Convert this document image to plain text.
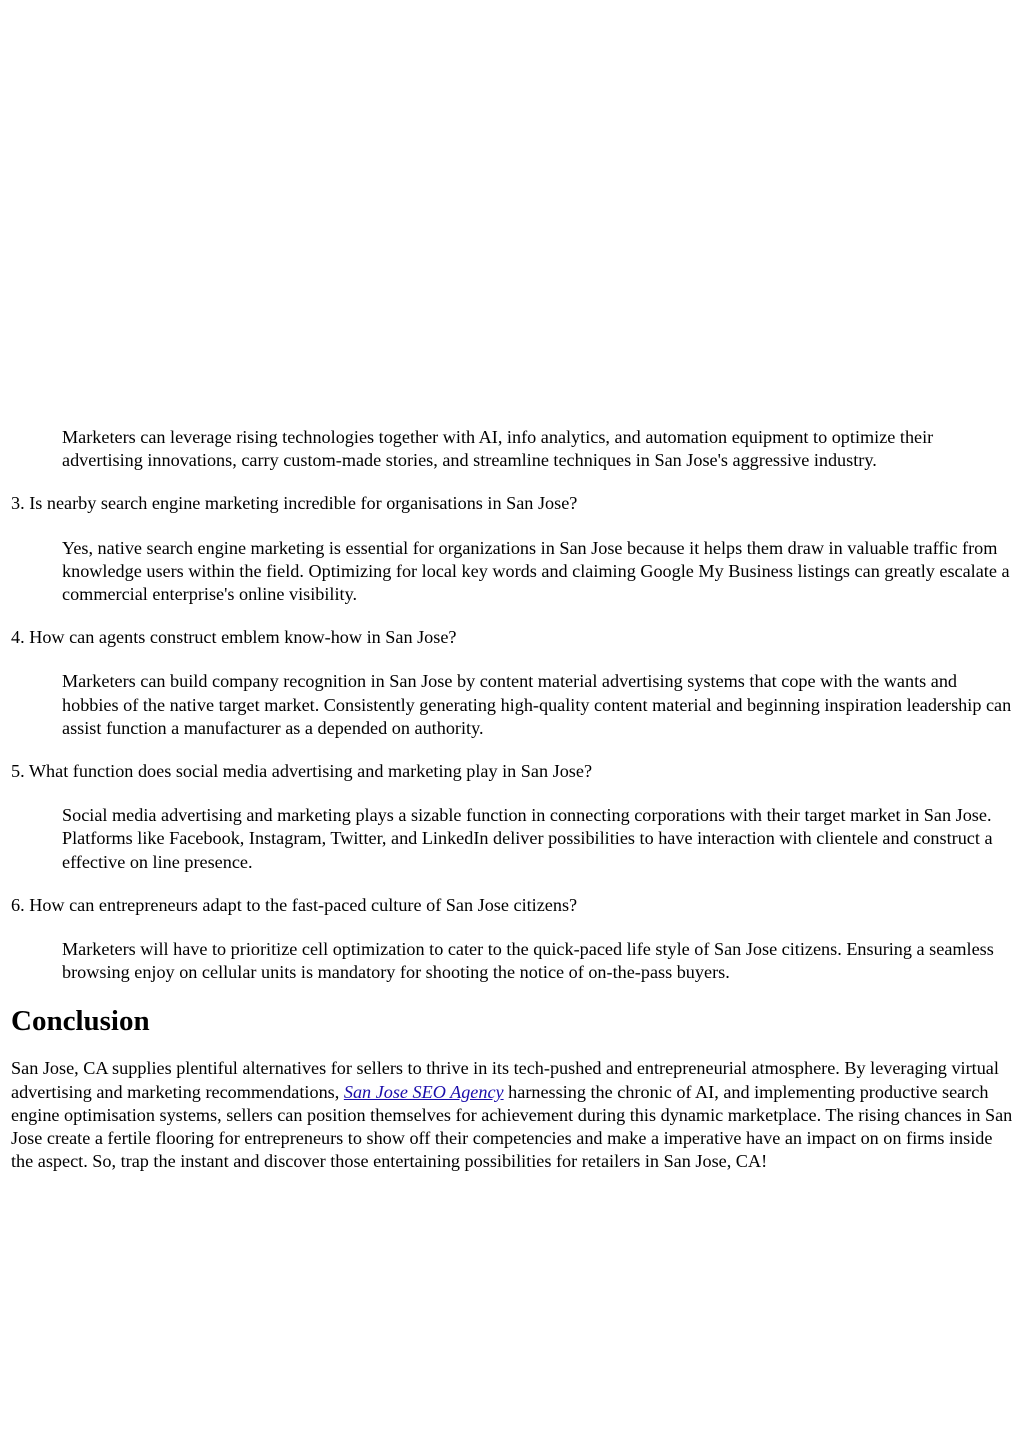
Marketers can leverage rising technologies together with AI, info analytics, and automation equipment to optimize their advertising innovations, carry custom-made stories, and streamline techniques in San Jose's aggressive industry.

3. Is nearby search engine marketing incredible for organisations in San Jose?

Yes, native search engine marketing is essential for organizations in San Jose because it helps them draw in valuable traffic from knowledge users within the field. Optimizing for local key words and claiming Google My Business listings can greatly escalate a commercial enterprise's online visibility.

4. How can agents construct emblem know-how in San Jose?

Marketers can build company recognition in San Jose by content material advertising systems that cope with the wants and hobbies of the native target market. Consistently generating high-quality content material and beginning inspiration leadership can assist function a manufacturer as a depended on authority.

5. What function does social media advertising and marketing play in San Jose?

Social media advertising and marketing plays a sizable function in connecting corporations with their target market in San Jose. Platforms like Facebook, Instagram, Twitter, and LinkedIn deliver possibilities to have interaction with clientele and construct a effective on line presence.

6. How can entrepreneurs adapt to the fast-paced culture of San Jose citizens?

Marketers will have to prioritize cell optimization to cater to the quick-paced life style of San Jose citizens. Ensuring a seamless browsing enjoy on cellular units is mandatory for shooting the notice of on-the-pass buyers.

Conclusion

San Jose, CA supplies plentiful alternatives for sellers to thrive in its tech-pushed and entrepreneurial atmosphere. By leveraging virtual advertising and marketing recommendations, San Jose SEO Agency harnessing the chronic of AI, and implementing productive search engine optimisation systems, sellers can position themselves for achievement during this dynamic marketplace. The rising chances in San Jose create a fertile flooring for entrepreneurs to show off their competencies and make a imperative have an impact on on firms inside the aspect. So, trap the instant and discover those entertaining possibilities for retailers in San Jose, CA!
